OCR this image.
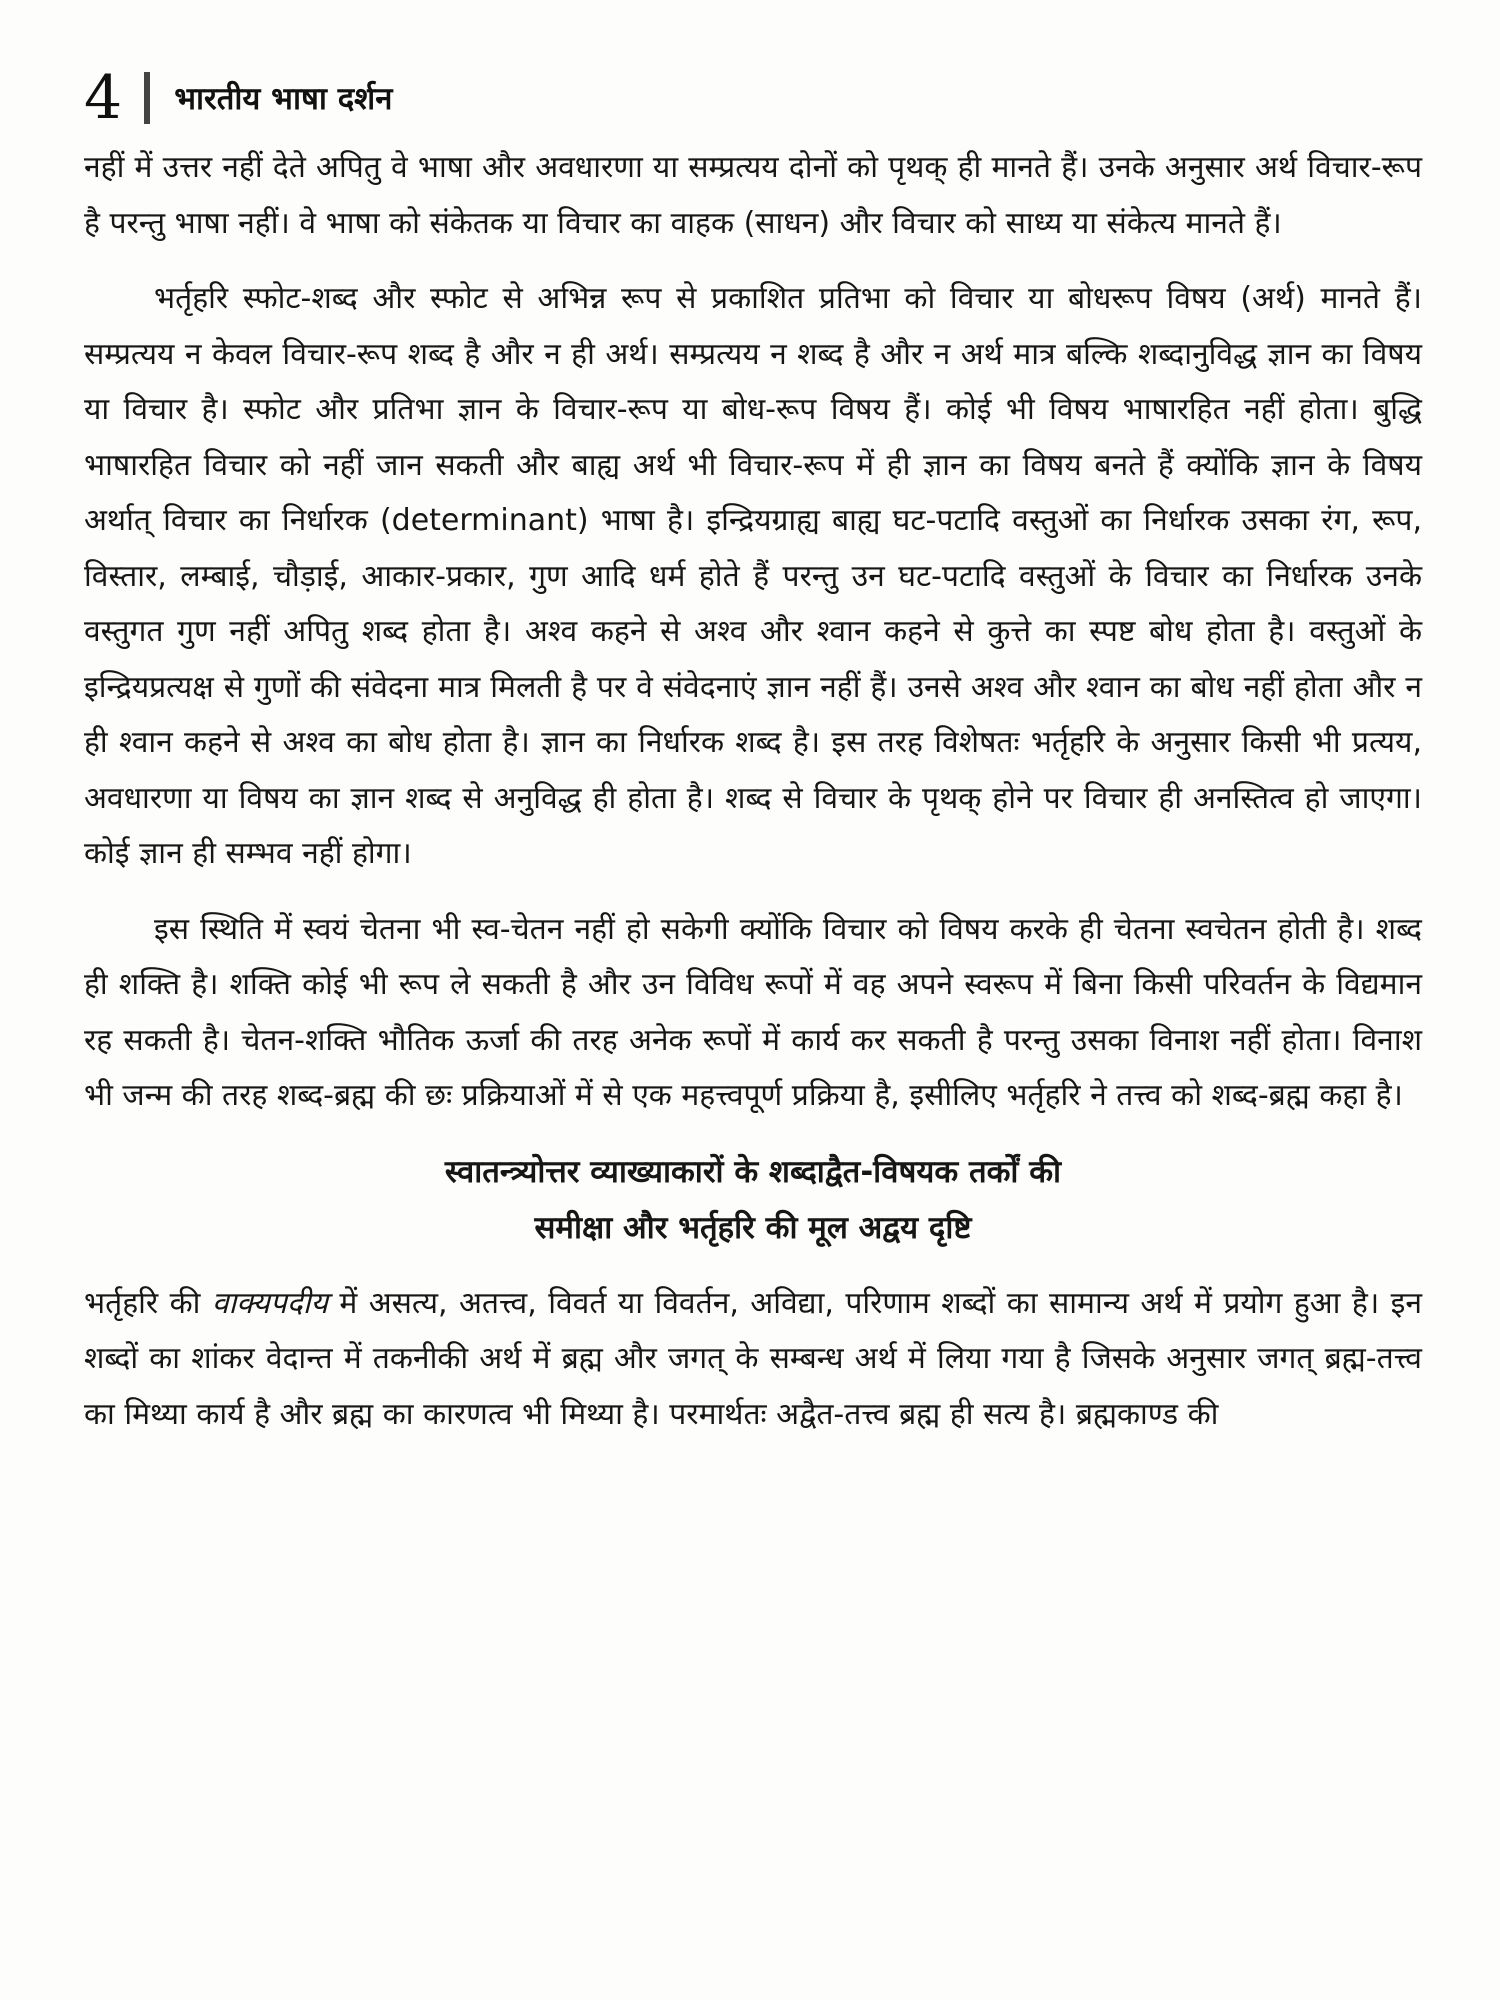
4 भारतीय भाषा दर्शन

नहीं में उत्तर नहीं देते अपितु वे भाषा और अवधारणा या सम्प्रत्यय दोनों को पृथक् ही मानते हैं। उनके अनुसार अर्थ विचार-रूप है परन्तु भाषा नहीं। वे भाषा को संकेतक या विचार का वाहक (साधन) और विचार को साध्य या संकेत्य मानते हैं।

भर्तृहरि स्फोट-शब्द और स्फोट से अभिन्न रूप से प्रकाशित प्रतिभा को विचार या बोधरूप विषय (अर्थ) मानते हैं। सम्प्रत्यय न केवल विचार-रूप शब्द है और न ही अर्थ। सम्प्रत्यय न शब्द है और न अर्थ मात्र बल्कि शब्दानुविद्ध ज्ञान का विषय या विचार है। स्फोट और प्रतिभा ज्ञान के विचार-रूप या बोध-रूप विषय हैं। कोई भी विषय भाषारहित नहीं होता। बुद्धि भाषारहित विचार को नहीं जान सकती और बाह्य अर्थ भी विचार-रूप में ही ज्ञान का विषय बनते हैं क्योंकि ज्ञान के विषय अर्थात् विचार का निर्धारक (determinant) भाषा है। इन्द्रियग्राह्य बाह्य घट-पटादि वस्तुओं का निर्धारक उसका रंग, रूप, विस्तार, लम्बाई, चौड़ाई, आकार-प्रकार, गुण आदि धर्म होते हैं परन्तु उन घट-पटादि वस्तुओं के विचार का निर्धारक उनके वस्तुगत गुण नहीं अपितु शब्द होता है। अश्व कहने से अश्व और श्वान कहने से कुत्ते का स्पष्ट बोध होता है। वस्तुओं के इन्द्रियप्रत्यक्ष से गुणों की संवेदना मात्र मिलती है पर वे संवेदनाएं ज्ञान नहीं हैं। उनसे अश्व और श्वान का बोध नहीं होता और न ही श्वान कहने से अश्व का बोध होता है। ज्ञान का निर्धारक शब्द है। इस तरह विशेषतः भर्तृहरि के अनुसार किसी भी प्रत्यय, अवधारणा या विषय का ज्ञान शब्द से अनुविद्ध ही होता है। शब्द से विचार के पृथक् होने पर विचार ही अनस्तित्व हो जाएगा। कोई ज्ञान ही सम्भव नहीं होगा।

इस स्थिति में स्वयं चेतना भी स्व-चेतन नहीं हो सकेगी क्योंकि विचार को विषय करके ही चेतना स्वचेतन होती है। शब्द ही शक्ति है। शक्ति कोई भी रूप ले सकती है और उन विविध रूपों में वह अपने स्वरूप में बिना किसी परिवर्तन के विद्यमान रह सकती है। चेतन-शक्ति भौतिक ऊर्जा की तरह अनेक रूपों में कार्य कर सकती है परन्तु उसका विनाश नहीं होता। विनाश भी जन्म की तरह शब्द-ब्रह्म की छः प्रक्रियाओं में से एक महत्त्वपूर्ण प्रक्रिया है, इसीलिए भर्तृहरि ने तत्त्व को शब्द-ब्रह्म कहा है।

स्वातन्त्र्योत्तर व्याख्याकारों के शब्दाद्वैत-विषयक तर्कों की
समीक्षा और भर्तृहरि की मूल अद्वय दृष्टि

भर्तृहरि की वाक्यपदीय में असत्य, अतत्त्व, विवर्त या विवर्तन, अविद्या, परिणाम शब्दों का सामान्य अर्थ में प्रयोग हुआ है। इन शब्दों का शांकर वेदान्त में तकनीकी अर्थ में ब्रह्म और जगत् के सम्बन्ध अर्थ में लिया गया है जिसके अनुसार जगत् ब्रह्म-तत्त्व का मिथ्या कार्य है और ब्रह्म का कारणत्व भी मिथ्या है। परमार्थतः अद्वैत-तत्त्व ब्रह्म ही सत्य है। ब्रह्मकाण्ड की
